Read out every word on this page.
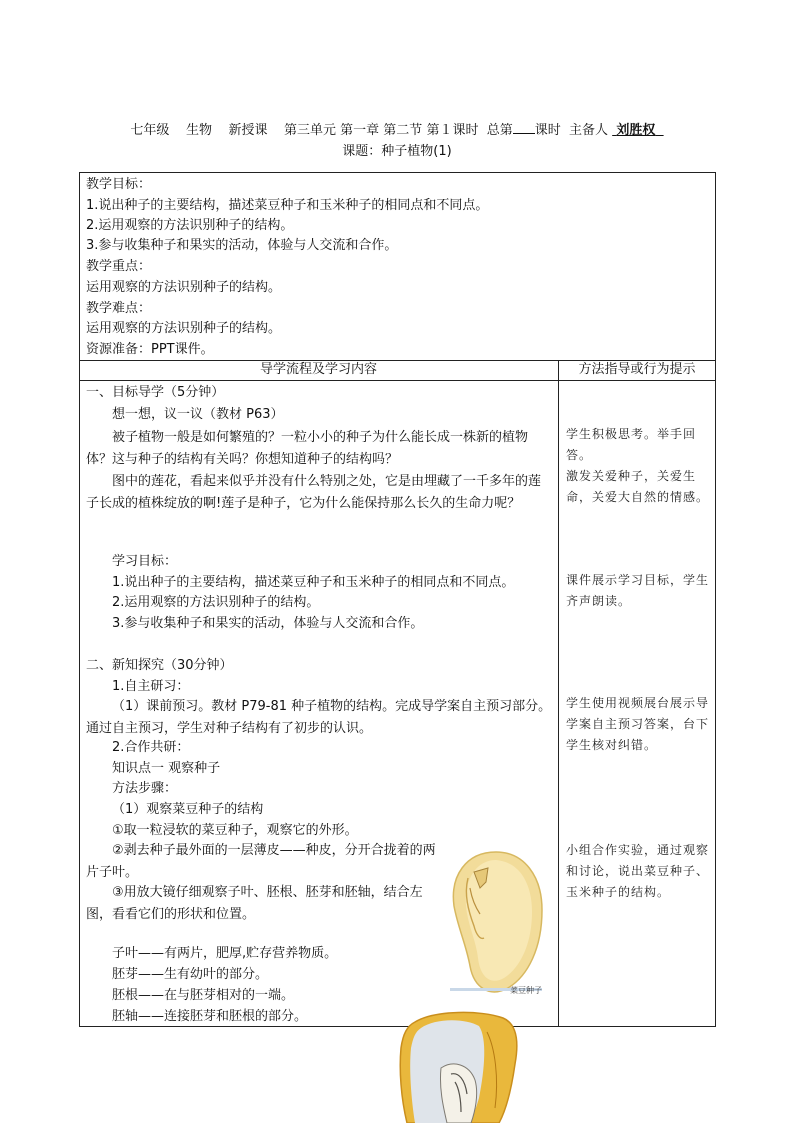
七年级 生物 新授课 第三单元 第一章 第二节 第１课时 总第 课时 主备人 刘胜权
课题：种子植物(1)
教学目标：
1.说出种子的主要结构，描述菜豆种子和玉米种子的相同点和不同点。
2.运用观察的方法识别种子的结构。
3.参与收集种子和果实的活动，体验与人交流和合作。
教学重点：
运用观察的方法识别种子的结构。
教学难点：
运用观察的方法识别种子的结构。
资源准备：PPT课件。
导学流程及学习内容	方法指导或行为提示
一、目标导学（5分钟）
想一想，议一议（教材 P63）
被子植物一般是如何繁殖的？一粒小小的种子为什么能长成一株新的植物体？这与种子的结构有关吗？你想知道种子的结构吗？
图中的莲花，看起来似乎并没有什么特别之处，它是由埋藏了一千多年的莲子长成的植株绽放的啊!莲子是种子，它为什么能保持那么长久的生命力呢？
学习目标：
1.说出种子的主要结构，描述菜豆种子和玉米种子的相同点和不同点。
2.运用观察的方法识别种子的结构。
3.参与收集种子和果实的活动，体验与人交流和合作。
二、新知探究（30分钟）
1.自主研习：
（1）课前预习。教材 P79-81 种子植物的结构。完成导学案自主预习部分。通过自主预习，学生对种子结构有了初步的认识。
2.合作共研：
知识点一 观察种子
方法步骤：
（1）观察菜豆种子的结构
①取一粒浸软的菜豆种子，观察它的外形。
②剥去种子最外面的一层薄皮——种皮，分开合拢着的两片子叶。
③用放大镜仔细观察子叶、胚根、胚芽和胚轴，结合左图，看看它们的形状和位置。
子叶——有两片，肥厚,贮存营养物质。
胚芽——生有幼叶的部分。
胚根——在与胚芽相对的一端。
胚轴——连接胚芽和胚根的部分。
学生积极思考。举手回答。
激发关爱种子，关爱生命，关爱大自然的情感。
课件展示学习目标，学生齐声朗读。
学生使用视频展台展示导学案自主预习答案，台下学生核对纠错。
小组合作实验，通过观察和讨论，说出菜豆种子、玉米种子的结构。
菜豆种子
